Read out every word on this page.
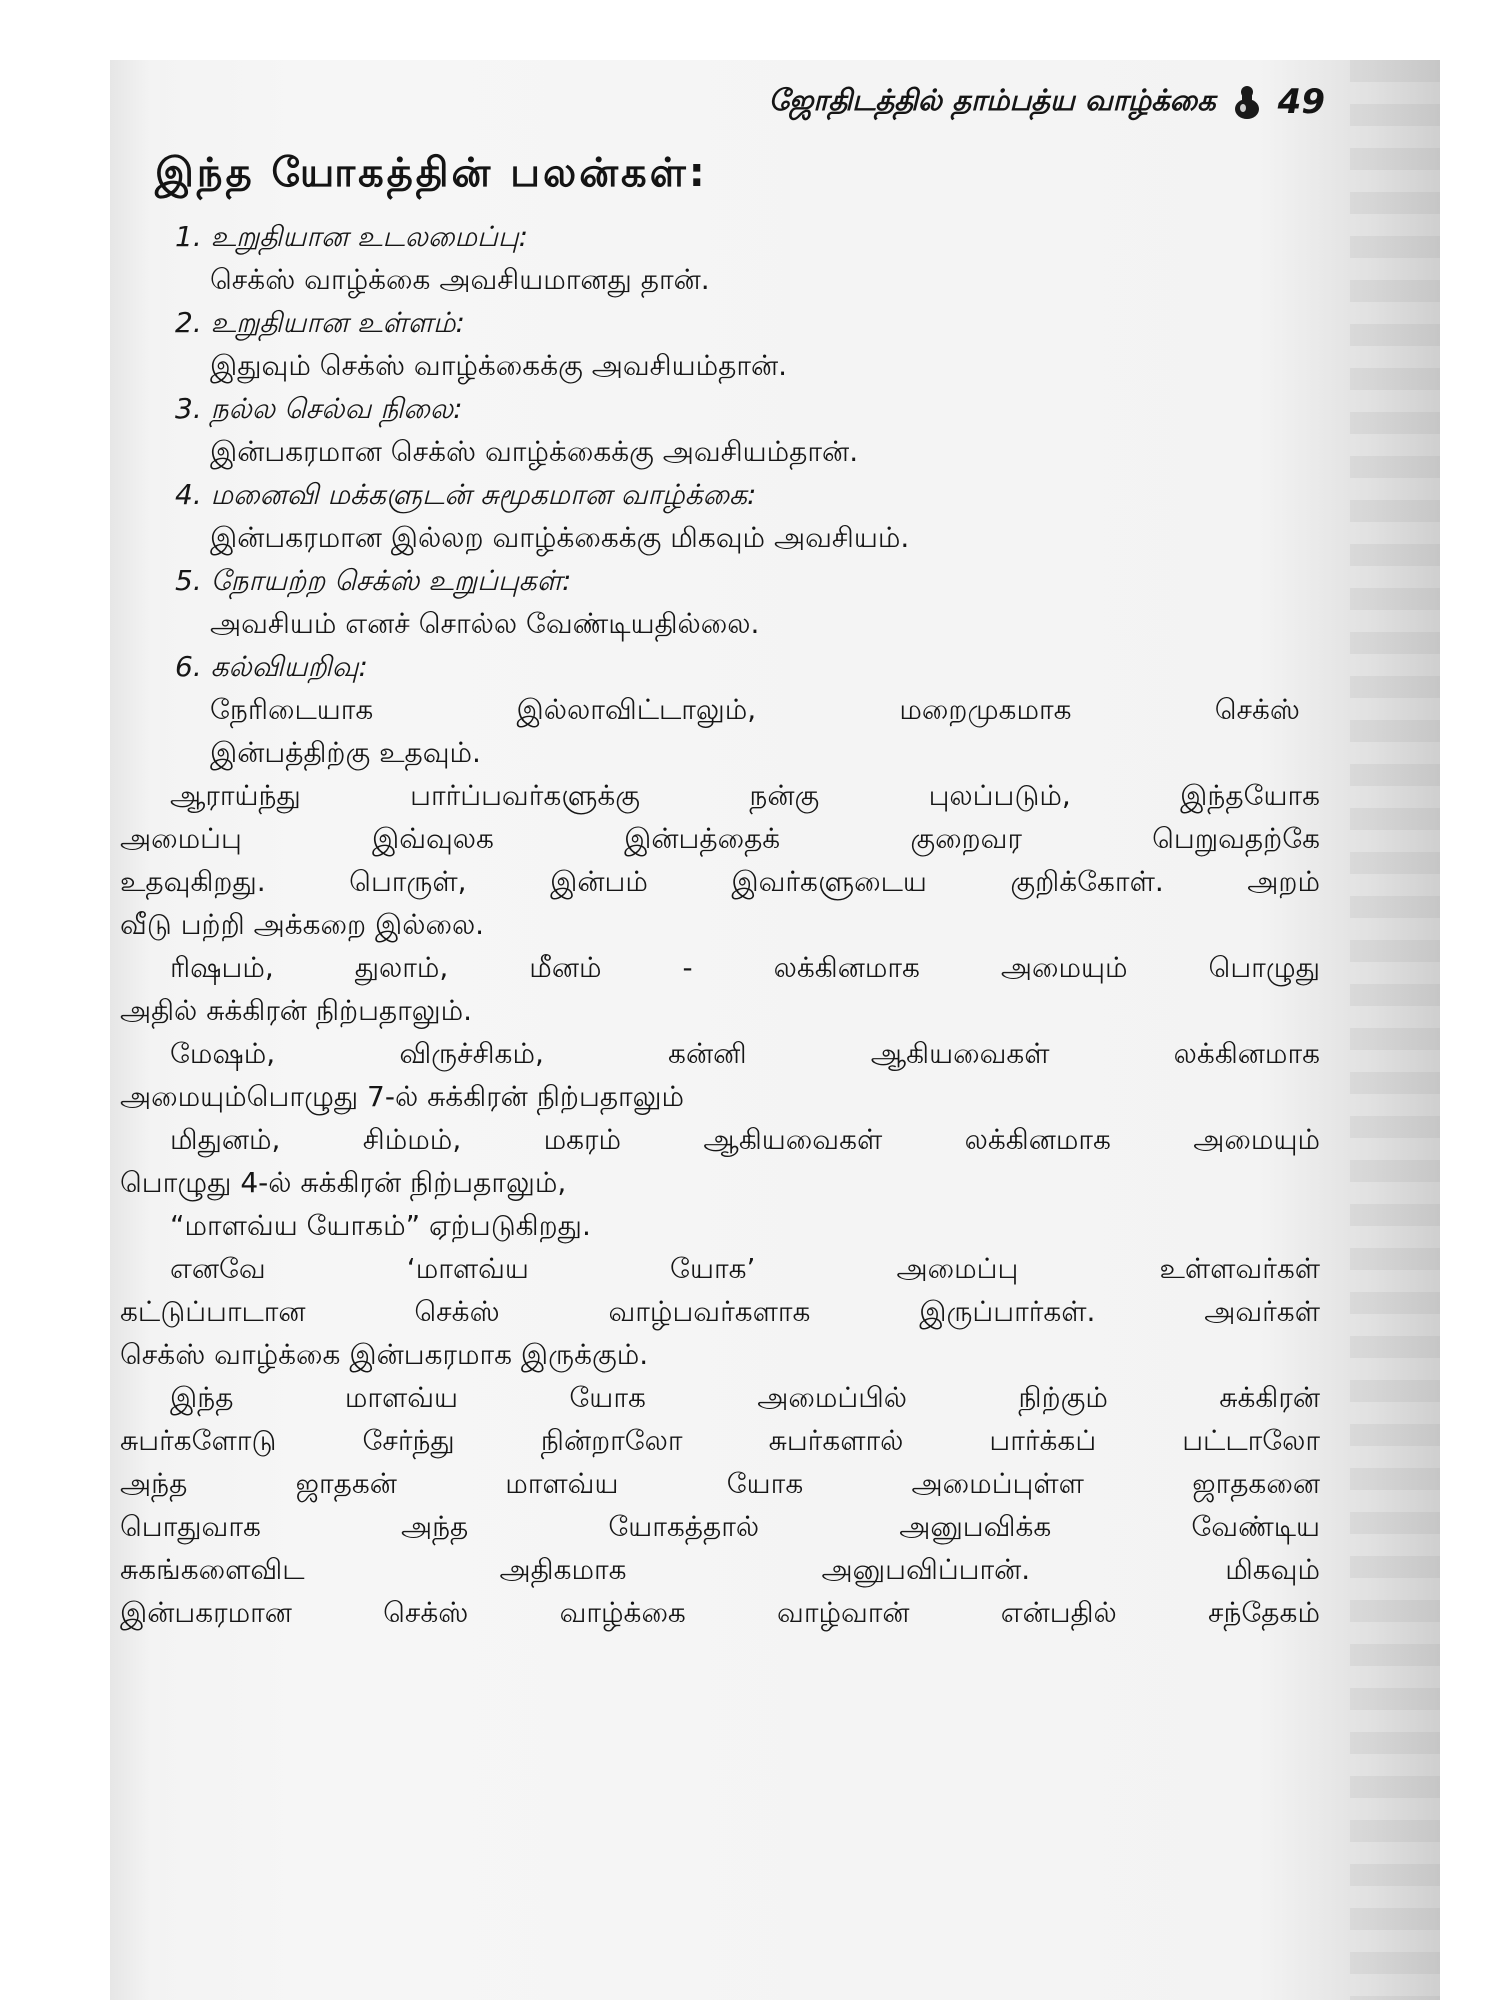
ஜோதிடத்தில் தாம்பத்ய வாழ்க்கை 49
இந்த யோகத்தின் பலன்கள்:
1. உறுதியான உடலமைப்பு:
செக்ஸ் வாழ்க்கை அவசியமானது தான்.
2. உறுதியான உள்ளம்:
இதுவும் செக்ஸ் வாழ்க்கைக்கு அவசியம்தான்.
3. நல்ல செல்வ நிலை:
இன்பகரமான செக்ஸ் வாழ்க்கைக்கு அவசியம்தான்.
4. மனைவி மக்களுடன் சுமூகமான வாழ்க்கை:
இன்பகரமான இல்லற வாழ்க்கைக்கு மிகவும் அவசியம்.
5. நோயற்ற செக்ஸ் உறுப்புகள்:
அவசியம் எனச் சொல்ல வேண்டியதில்லை.
6. கல்வியறிவு:
நேரிடையாக இல்லாவிட்டாலும், மறைமுகமாக செக்ஸ்
இன்பத்திற்கு உதவும்.
ஆராய்ந்து பார்ப்பவர்களுக்கு நன்கு புலப்படும், இந்தயோக
அமைப்பு இவ்வுலக இன்பத்தைக் குறைவர பெறுவதற்கே
உதவுகிறது. பொருள், இன்பம் இவர்களுடைய குறிக்கோள். அறம்
வீடு பற்றி அக்கறை இல்லை.
ரிஷபம், துலாம், மீனம் - லக்கினமாக அமையும் பொழுது
அதில் சுக்கிரன் நிற்பதாலும்.
மேஷம், விருச்சிகம், கன்னி ஆகியவைகள் லக்கினமாக
அமையும்பொழுது 7-ல் சுக்கிரன் நிற்பதாலும்
மிதுனம், சிம்மம், மகரம் ஆகியவைகள் லக்கினமாக அமையும்
பொழுது 4-ல் சுக்கிரன் நிற்பதாலும்,
“மாளவ்ய யோகம்” ஏற்படுகிறது.
எனவே ‘மாளவ்ய யோக’ அமைப்பு உள்ளவர்கள்
கட்டுப்பாடான செக்ஸ் வாழ்பவர்களாக இருப்பார்கள். அவர்கள்
செக்ஸ் வாழ்க்கை இன்பகரமாக இருக்கும்.
இந்த மாளவ்ய யோக அமைப்பில் நிற்கும் சுக்கிரன்
சுபர்களோடு சேர்ந்து நின்றாலோ சுபர்களால் பார்க்கப் பட்டாலோ
அந்த ஜாதகன் மாளவ்ய யோக அமைப்புள்ள ஜாதகனை
பொதுவாக அந்த யோகத்தால் அனுபவிக்க வேண்டிய
சுகங்களைவிட அதிகமாக அனுபவிப்பான். மிகவும்
இன்பகரமான செக்ஸ் வாழ்க்கை வாழ்வான் என்பதில் சந்தேகம்
